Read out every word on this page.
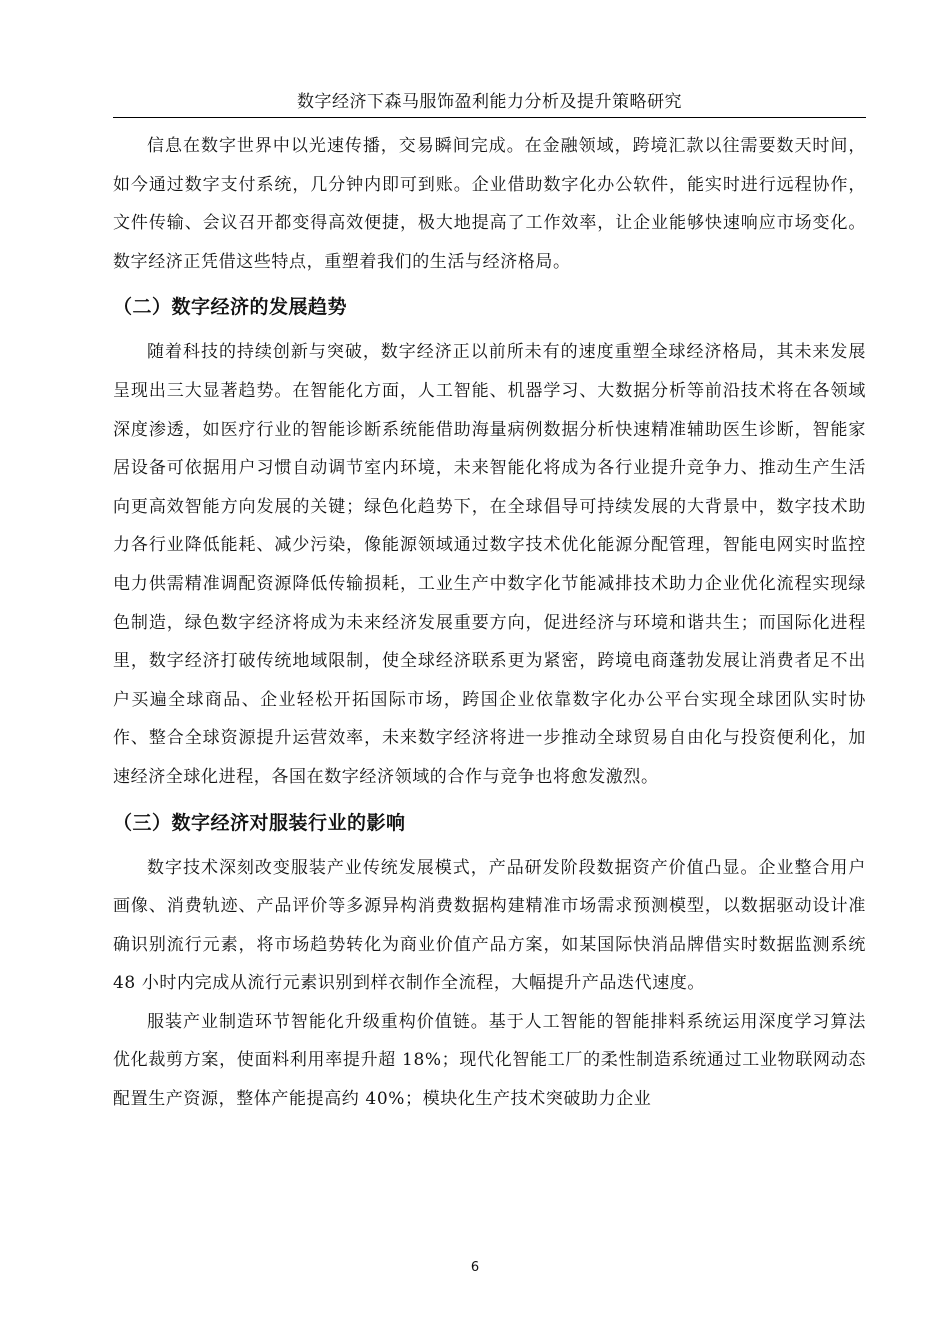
数字经济下森马服饰盈利能力分析及提升策略研究

信息在数字世界中以光速传播，交易瞬间完成。在金融领域，跨境汇款以往需要数天时间，如今通过数字支付系统，几分钟内即可到账。企业借助数字化办公软件，能实时进行远程协作，文件传输、会议召开都变得高效便捷，极大地提高了工作效率，让企业能够快速响应市场变化。 数字经济正凭借这些特点，重塑着我们的生活与经济格局。

（二）数字经济的发展趋势

随着科技的持续创新与突破，数字经济正以前所未有的速度重塑全球经济格局，其未来发展呈现出三大显著趋势。在智能化方面，人工智能、机器学习、大数据分析等前沿技术将在各领域深度渗透，如医疗行业的智能诊断系统能借助海量病例数据分析快速精准辅助医生诊断，智能家居设备可依据用户习惯自动调节室内环境，未来智能化将成为各行业提升竞争力、推动生产生活向更高效智能方向发展的关键；绿色化趋势下，在全球倡导可持续发展的大背景中，数字技术助力各行业降低能耗、减少污染，像能源领域通过数字技术优化能源分配管理，智能电网实时监控电力供需精准调配资源降低传输损耗，工业生产中数字化节能减排技术助力企业优化流程实现绿色制造，绿色数字经济将成为未来经济发展重要方向，促进经济与环境和谐共生；而国际化进程里，数字经济打破传统地域限制，使全球经济联系更为紧密，跨境电商蓬勃发展让消费者足不出户买遍全球商品、企业轻松开拓国际市场，跨国企业依靠数字化办公平台实现全球团队实时协作、整合全球资源提升运营效率，未来数字经济将进一步推动全球贸易自由化与投资便利化，加速经济全球化进程，各国在数字经济领域的合作与竞争也将愈发激烈。

（三）数字经济对服装行业的影响

数字技术深刻改变服装产业传统发展模式，产品研发阶段数据资产价值凸显。企业整合用户画像、消费轨迹、产品评价等多源异构消费数据构建精准市场需求预测模型，以数据驱动设计准确识别流行元素，将市场趋势转化为商业价值产品方案，如某国际快消品牌借实时数据监测系统 48 小时内完成从流行元素识别到样衣制作全流程，大幅提升产品迭代速度。

服装产业制造环节智能化升级重构价值链。基于人工智能的智能排料系统运用深度学习算法优化裁剪方案，使面料利用率提升超 18%；现代化智能工厂的柔性制造系统通过工业物联网动态配置生产资源，整体产能提高约 40%；模块化生产技术突破助力企业

6
